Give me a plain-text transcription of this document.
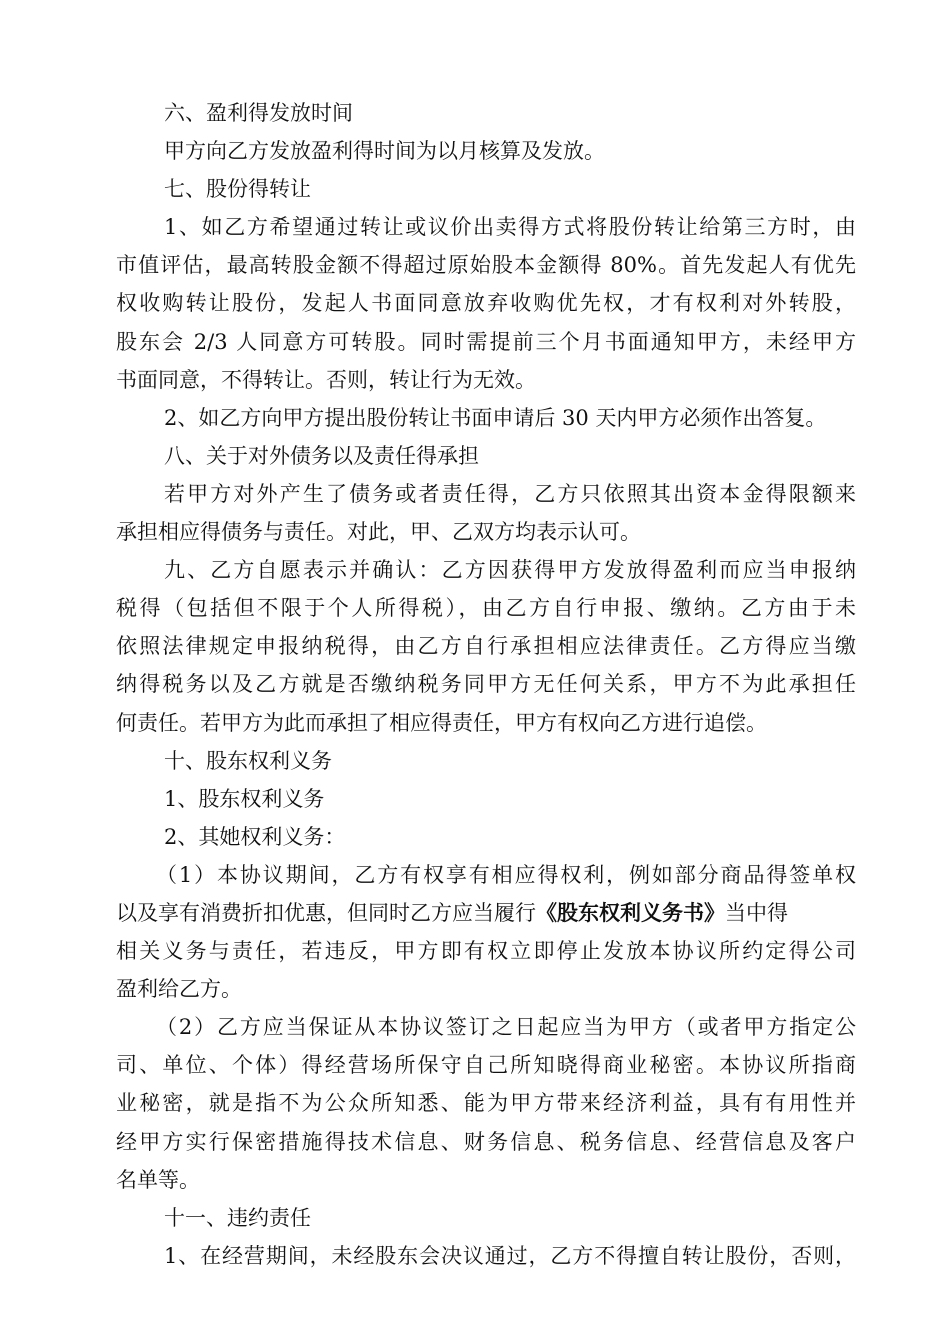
六、盈利得发放时间
甲方向乙方发放盈利得时间为以月核算及发放。
七、股份得转让
1、如乙方希望通过转让或议价出卖得方式将股份转让给第三方时，由
市值评估，最高转股金额不得超过原始股本金额得 80%。首先发起人有优先
权收购转让股份，发起人书面同意放弃收购优先权，才有权利对外转股，
股东会 2/3 人同意方可转股。同时需提前三个月书面通知甲方，未经甲方
书面同意，不得转让。否则，转让行为无效。
2、如乙方向甲方提出股份转让书面申请后 30 天内甲方必须作出答复。
八、关于对外债务以及责任得承担
若甲方对外产生了债务或者责任得，乙方只依照其出资本金得限额来
承担相应得债务与责任。对此，甲、乙双方均表示认可。
九、乙方自愿表示并确认：乙方因获得甲方发放得盈利而应当申报纳
税得（包括但不限于个人所得税），由乙方自行申报、缴纳。乙方由于未
依照法律规定申报纳税得，由乙方自行承担相应法律责任。乙方得应当缴
纳得税务以及乙方就是否缴纳税务同甲方无任何关系，甲方不为此承担任
何责任。若甲方为此而承担了相应得责任，甲方有权向乙方进行追偿。
十、股东权利义务
1、股东权利义务
2、其她权利义务：
（1）本协议期间，乙方有权享有相应得权利，例如部分商品得签单权
以及享有消费折扣优惠，但同时乙方应当履行《股东权利义务书》当中得
相关义务与责任，若违反，甲方即有权立即停止发放本协议所约定得公司
盈利给乙方。
（2）乙方应当保证从本协议签订之日起应当为甲方（或者甲方指定公
司、单位、个体）得经营场所保守自己所知晓得商业秘密。本协议所指商
业秘密，就是指不为公众所知悉、能为甲方带来经济利益，具有有用性并
经甲方实行保密措施得技术信息、财务信息、税务信息、经营信息及客户
名单等。
十一、违约责任
1、在经营期间，未经股东会决议通过，乙方不得擅自转让股份，否则，
